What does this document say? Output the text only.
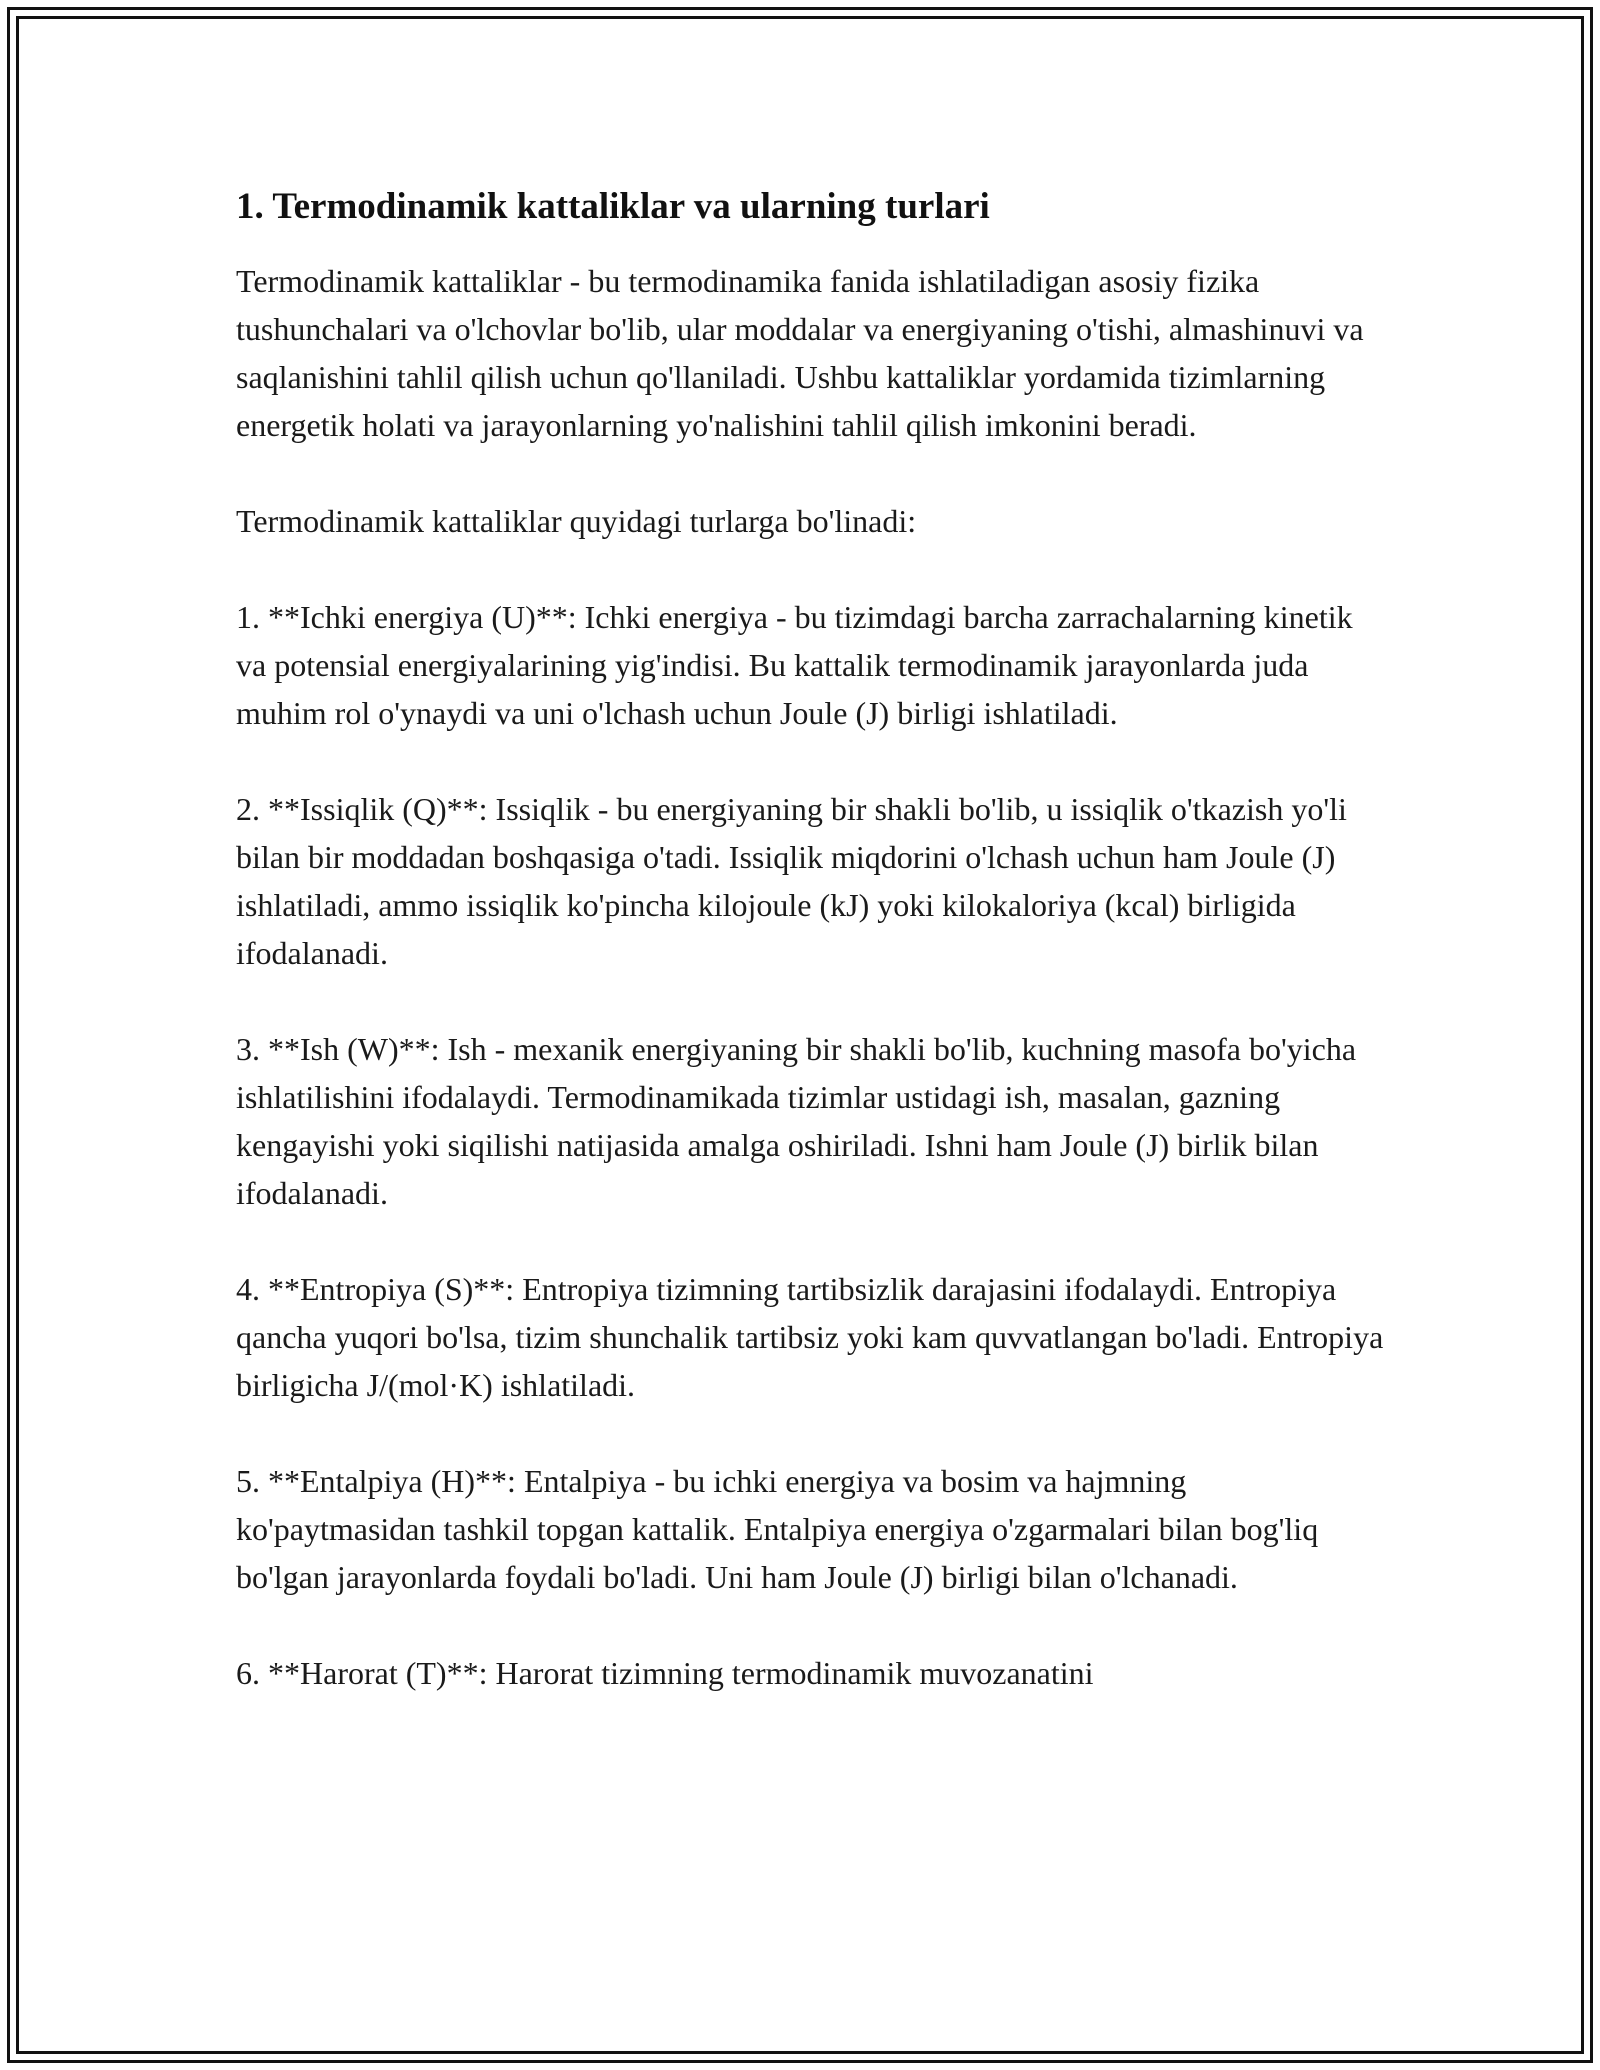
1. Termodinamik kattaliklar va ularning turlari

Termodinamik kattaliklar - bu termodinamika fanida ishlatiladigan asosiy fizika tushunchalari va o'lchovlar bo'lib, ular moddalar va energiyaning o'tishi, almashinuvi va saqlanishini tahlil qilish uchun qo'llaniladi. Ushbu kattaliklar yordamida tizimlarning energetik holati va jarayonlarning yo'nalishini tahlil qilish imkonini beradi.

Termodinamik kattaliklar quyidagi turlarga bo'linadi:

1. **Ichki energiya (U)**: Ichki energiya - bu tizimdagi barcha zarrachalarning kinetik va potensial energiyalarining yig'indisi. Bu kattalik termodinamik jarayonlarda juda muhim rol o'ynaydi va uni o'lchash uchun Joule (J) birligi ishlatiladi.

2. **Issiqlik (Q)**: Issiqlik - bu energiyaning bir shakli bo'lib, u issiqlik o'tkazish yo'li bilan bir moddadan boshqasiga o'tadi. Issiqlik miqdorini o'lchash uchun ham Joule (J) ishlatiladi, ammo issiqlik ko'pincha kilojoule (kJ) yoki kilokaloriya (kcal) birligida ifodalanadi.

3. **Ish (W)**: Ish - mexanik energiyaning bir shakli bo'lib, kuchning masofa bo'yicha ishlatilishini ifodalaydi. Termodinamikada tizimlar ustidagi ish, masalan, gazning kengayishi yoki siqilishi natijasida amalga oshiriladi. Ishni ham Joule (J) birlik bilan ifodalanadi.

4. **Entropiya (S)**: Entropiya tizimning tartibsizlik darajasini ifodalaydi. Entropiya qancha yuqori bo'lsa, tizim shunchalik tartibsiz yoki kam quvvatlangan bo'ladi. Entropiya birligicha J/(mol·K) ishlatiladi.

5. **Entalpiya (H)**: Entalpiya - bu ichki energiya va bosim va hajmning ko'paytmasidan tashkil topgan kattalik. Entalpiya energiya o'zgarmalari bilan bog'liq bo'lgan jarayonlarda foydali bo'ladi. Uni ham Joule (J) birligi bilan o'lchanadi.

6. **Harorat (T)**: Harorat tizimning termodinamik muvozanatini
